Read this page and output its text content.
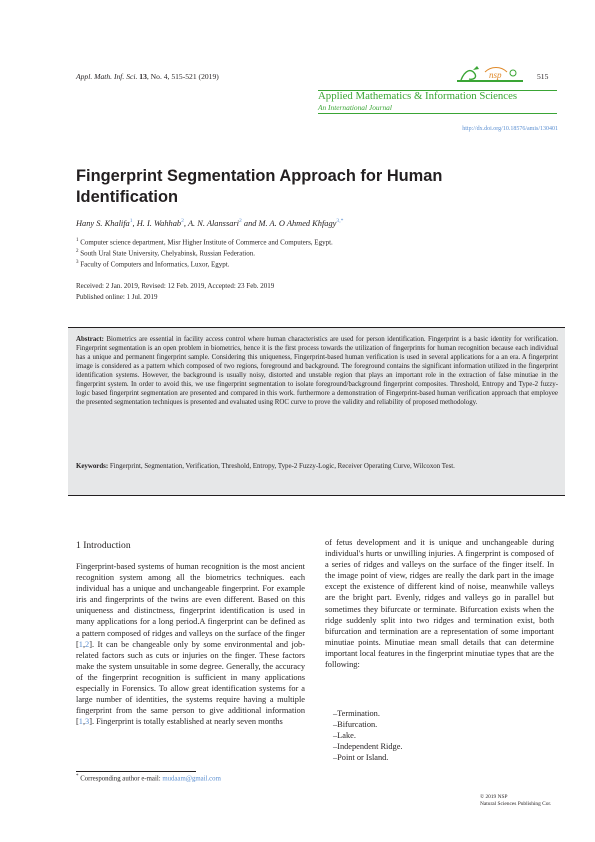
Appl. Math. Inf. Sci. 13, No. 4, 515-521 (2019)	nsp	515
Applied Mathematics & Information Sciences
An International Journal
http://dx.doi.org/10.18576/amis/130401
Fingerprint Segmentation Approach for Human Identification
Hany S. Khalifa$^1$, H. I. Wahhab$^2$, A. N. Alanssari$^2$ and M. A. O Ahmed Khfagy$^{3,*}$
$^1$ Computer science department, Misr Higher Institute of Commerce and Computers, Egypt.
$^2$ South Ural State University, Chelyabinsk, Russian Federation.
$^3$ Faculty of Computers and Informatics, Luxor, Egypt.
Received: 2 Jan. 2019, Revised: 12 Feb. 2019, Accepted: 23 Feb. 2019
Published online: 1 Jul. 2019
Abstract: Biometrics are essential in facility access control where human characteristics are used for person identification. Fingerprint is a basic identity for verification. Fingerprint segmentation is an open problem in biometrics, hence it is the first process towards the utilization of fingerprints for human recognition because each individual has a unique and permanent fingerprint sample. Considering this uniqueness, Fingerprint-based human verification is used in several applications for a an era. A fingerprint image is considered as a pattern which composed of two regions, foreground and background. The foreground contains the significant information utilized in the fingerprint identification systems. However, the background is usually noisy, distorted and unstable region that plays an important role in the extraction of false minutiae in the fingerprint system. In order to avoid this, we use fingerprint segmentation to isolate foreground/background fingerprint composites. Threshold, Entropy and Type-2 fuzzy-logic based fingerprint segmentation are presented and compared in this work. furthermore a demonstration of Fingerprint-based human verification approach that employee the presented segmentation techniques is presented and evaluated using ROC curve to prove the validity and reliability of proposed methodology.
Keywords: Fingerprint, Segmentation, Verification, Threshold, Entropy, Type-2 Fuzzy-Logic, Receiver Operating Curve, Wilcoxon Test.
1 Introduction
Fingerprint-based systems of human recognition is the most ancient recognition system among all the biometrics techniques. each individual has a unique and unchangeable fingerprint. For example iris and fingerprints of the twins are even different. Based on this uniqueness and distinctness, fingerprint identification is used in many applications for a long period.A fingerprint can be defined as a pattern composed of ridges and valleys on the surface of the finger [1,2]. It can be changeable only by some environmental and job-related factors such as cuts or injuries on the finger. These factors make the system unsuitable in some degree. Generally, the accuracy of the fingerprint recognition is sufficient in many applications especially in Forensics. To allow great identification systems for a large number of identities, the systems require having a multiple fingerprint from the same person to give additional information [1,3]. Fingerprint is totally established at nearly seven months
of fetus development and it is unique and unchangeable during individual's hurts or unwilling injuries. A fingerprint is composed of a series of ridges and valleys on the surface of the finger itself. In the image point of view, ridges are really the dark part in the image except the existence of different kind of noise, meanwhile valleys are the bright part. Evenly, ridges and valleys go in parallel but sometimes they bifurcate or terminate. Bifurcation exists when the ridge suddenly split into two ridges and termination exist, both bifurcation and termination are a representation of some important minutiae points. Minutiae mean small details that can determine important local features in the fingerprint minutiae types that are the following:
–Termination.
–Bifurcation.
–Lake.
–Independent Ridge.
–Point or Island.
* Corresponding author e-mail: mudaam@gmail.com
© 2019 NSP
Natural Sciences Publishing Cor.
